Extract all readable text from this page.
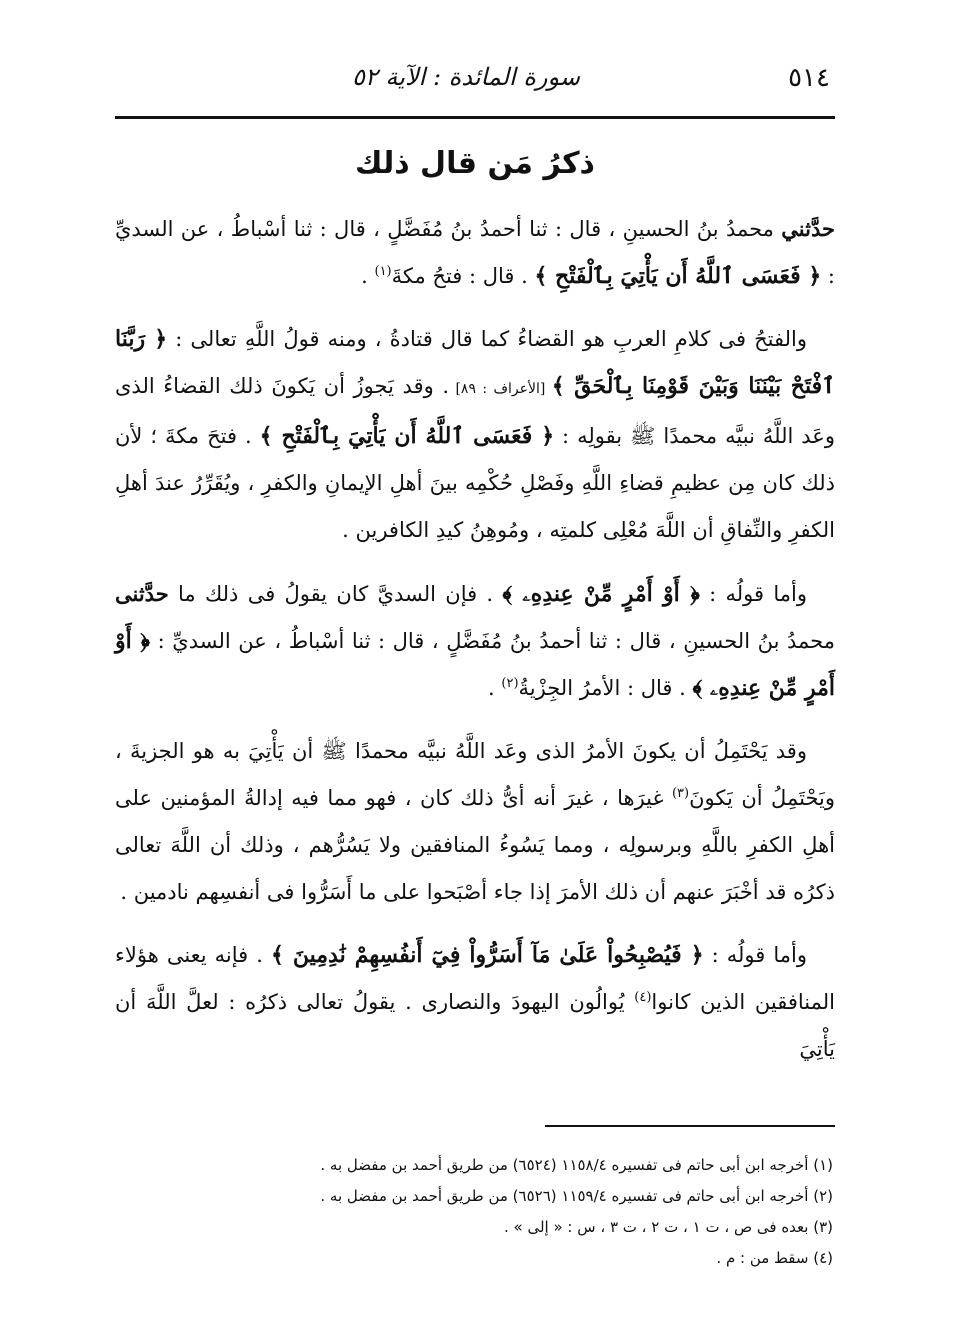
٥١٤
سورة المائدة : الآية ٥٢
ذكرُ مَن قال ذلك

حدَّثني محمدُ بنُ الحسينِ ، قال : ثنا أحمدُ بنُ مُفَضَّلٍ ، قال : ثنا أسْباطُ ، عن السديِّ : ﴿ فَعَسَى ٱللَّهُ أَن يَأْتِيَ بِٱلْفَتْحِ ﴾ . قال : فتحُ مكةَ$^{(١)}$ .

والفتحُ فى كلامِ العربِ هو القضاءُ كما قال قتادةُ ، ومنه قولُ اللَّهِ تعالى : ﴿ رَبَّنَا ٱفْتَحْ بَيْنَنَا وَبَيْنَ قَوْمِنَا بِٱلْحَقِّ ﴾ [الأعراف : ٨٩] . وقد يَجوزُ أن يَكونَ ذلك القضاءُ الذى وعَد اللَّهُ نبيَّه محمدًا ﷺ بقولِه : ﴿ فَعَسَى ٱللَّهُ أَن يَأْتِيَ بِٱلْفَتْحِ ﴾ . فتحَ مكةَ ؛ لأن ذلك كان مِن عظيمِ قضاءِ اللَّهِ وفَصْلِ حُكْمِه بينَ أهلِ الإيمانِ والكفرِ ، ويُقَرِّرُ عندَ أهلِ الكفرِ والنِّفاقِ أن اللَّهَ مُعْلِى كلمتِه ، ومُوهِنُ كيدِ الكافرين .

وأما قولُه : ﴿ أَوْ أَمْرٍ مِّنْ عِندِهِۦ ﴾ . فإن السديَّ كان يقولُ فى ذلك ما حدَّثنى محمدُ بنُ الحسينِ ، قال : ثنا أحمدُ بنُ مُفَضَّلٍ ، قال : ثنا أسْباطُ ، عن السديِّ : ﴿ أَوْ أَمْرٍ مِّنْ عِندِهِۦ ﴾ . قال : الأمرُ الجِزْيةُ$^{(٢)}$ .

وقد يَحْتَمِلُ أن يكونَ الأمرُ الذى وعَد اللَّهُ نبيَّه محمدًا ﷺ أن يَأْتِيَ به هو الجزيةَ ، ويَحْتَمِلُ أن يَكونَ$^{(٣)}$ غيرَها ، غيرَ أنه أىُّ ذلك كان ، فهو مما فيه إدالةُ المؤمنين على أهلِ الكفرِ باللَّهِ وبرسولِه ، ومما يَسُوءُ المنافقين ولا يَسُرُّهم ، وذلك أن اللَّهَ تعالى ذكرُه قد أخْبَرَ عنهم أن ذلك الأمرَ إذا جاء أصْبَحوا على ما أَسَرُّوا فى أنفسِهم نادمين .

وأما قولُه : ﴿ فَيُصْبِحُواْ عَلَىٰ مَآ أَسَرُّواْ فِيٓ أَنفُسِهِمْ نَٰدِمِينَ ﴾ . فإنه يعنى هؤلاء المنافقين الذين كانوا$^{(٤)}$ يُوالُون اليهودَ والنصارى . يقولُ تعالى ذكرُه : لعلَّ اللَّهَ أن يَأْتِيَ

(١) أخرجه ابن أبى حاتم فى تفسيره ١١٥٨/٤ (٦٥٢٤) من طريق أحمد بن مفضل به .
(٢) أخرجه ابن أبى حاتم فى تفسيره ١١٥٩/٤ (٦٥٢٦) من طريق أحمد بن مفضل به .
(٣) بعده فى ص ، ت ١ ، ت ٢ ، ت ٣ ، س : « إلى » .
(٤) سقط من : م .
